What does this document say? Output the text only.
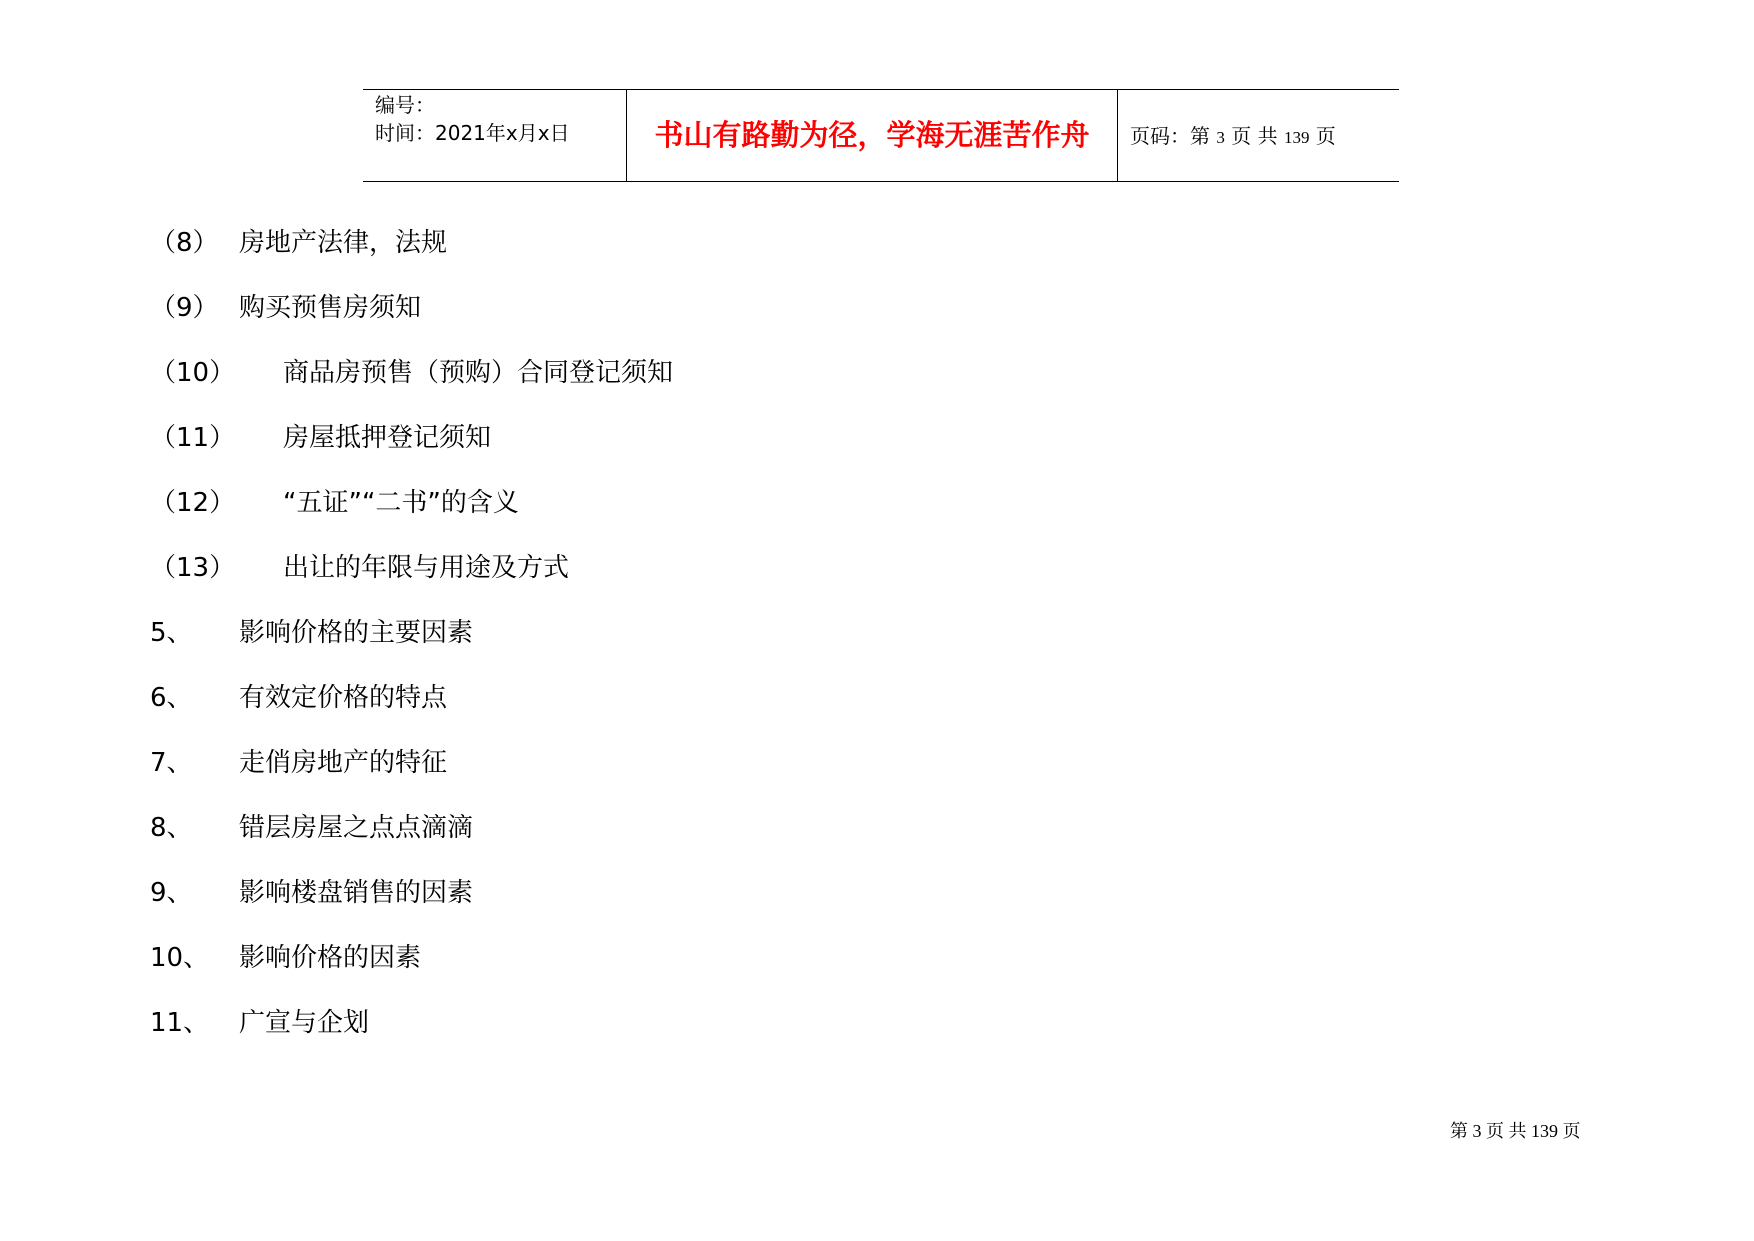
编号：
时间：2021年x月x日	书山有路勤为径，学海无涯苦作舟	页码：第 3 页 共 139 页
（8） 房地产法律，法规
（9） 购买预售房须知
（10） 商品房预售（预购）合同登记须知
（11） 房屋抵押登记须知
（12） “五证”“二书”的含义
（13） 出让的年限与用途及方式
5、 影响价格的主要因素
6、 有效定价格的特点
7、 走俏房地产的特征
8、 错层房屋之点点滴滴
9、 影响楼盘销售的因素
10、 影响价格的因素
11、 广宣与企划
第 3 页 共 139 页
